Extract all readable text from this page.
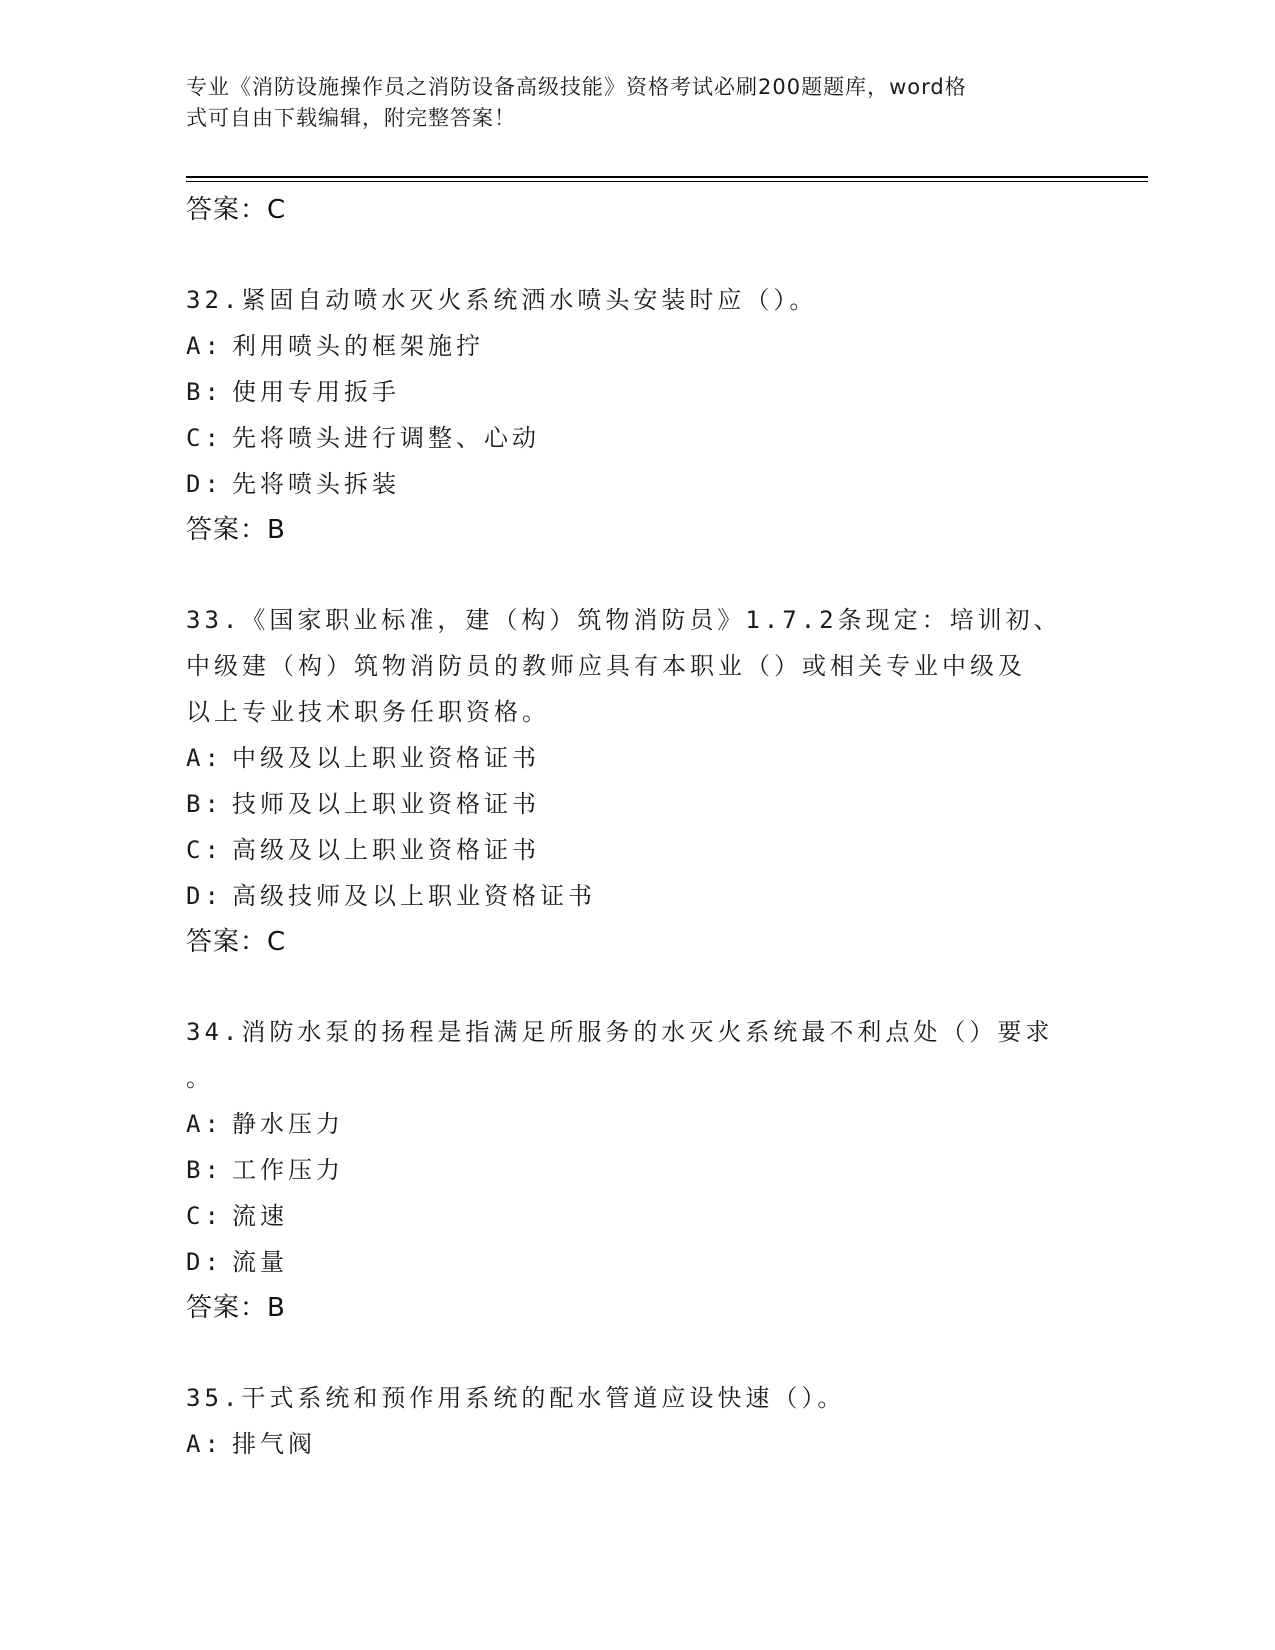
专业《消防设施操作员之消防设备高级技能》资格考试必刷200题题库，word格
式可自由下载编辑，附完整答案！
答案：C
32.紧固自动喷水灭火系统洒水喷头安装时应（）。
A: 利用喷头的框架施拧
B: 使用专用扳手
C: 先将喷头进行调整、心动
D: 先将喷头拆装
答案：B
33.《国家职业标准，建（构）筑物消防员》1.7.2条现定：培训初、
中级建（构）筑物消防员的教师应具有本职业（）或相关专业中级及
以上专业技术职务任职资格。
A: 中级及以上职业资格证书
B: 技师及以上职业资格证书
C: 高级及以上职业资格证书
D: 高级技师及以上职业资格证书
答案：C
34.消防水泵的扬程是指满足所服务的水灭火系统最不利点处（）要求
。
A: 静水压力
B: 工作压力
C: 流速
D: 流量
答案：B
35.干式系统和预作用系统的配水管道应设快速（）。
A: 排气阀
